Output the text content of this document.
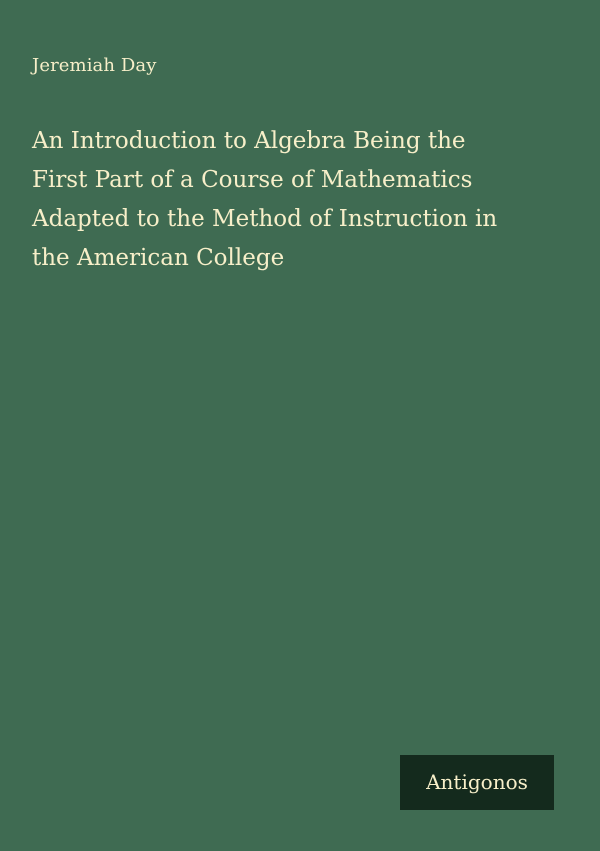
Jeremiah Day
An Introduction to Algebra Being the
First Part of a Course of Mathematics
Adapted to the Method of Instruction in
the American College
Antigonos
